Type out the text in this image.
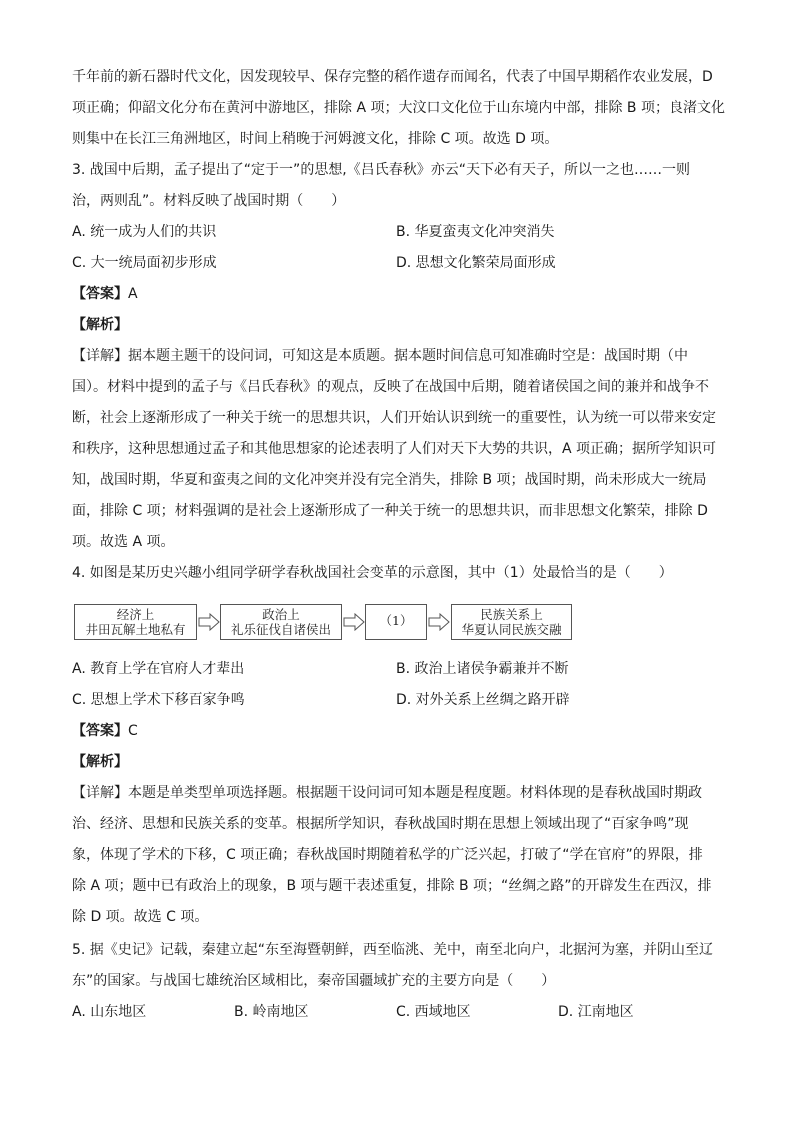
千年前的新石器时代文化，因发现较早、保存完整的稻作遗存而闻名，代表了中国早期稻作农业发展，D
项正确；仰韶文化分布在黄河中游地区，排除 A 项；大汶口文化位于山东境内中部，排除 B 项；良渚文化
则集中在长江三角洲地区，时间上稍晚于河姆渡文化，排除 C 项。故选 D 项。
3. 战国中后期，孟子提出了“定于一”的思想,《吕氏春秋》亦云“天下必有天子，所以一之也……一则
治，两则乱”。材料反映了战国时期（　　）
A. 统一成为人们的共识	B. 华夏蛮夷文化冲突消失
C. 大一统局面初步形成	D. 思想文化繁荣局面形成
【答案】A
【解析】
【详解】据本题主题干的设问词，可知这是本质题。据本题时间信息可知准确时空是：战国时期（中
国）。材料中提到的孟子与《吕氏春秋》的观点，反映了在战国中后期，随着诸侯国之间的兼并和战争不
断，社会上逐渐形成了一种关于统一的思想共识，人们开始认识到统一的重要性，认为统一可以带来安定
和秩序，这种思想通过孟子和其他思想家的论述表明了人们对天下大势的共识，A 项正确；据所学知识可
知，战国时期，华夏和蛮夷之间的文化冲突并没有完全消失，排除 B 项；战国时期，尚未形成大一统局
面，排除 C 项；材料强调的是社会上逐渐形成了一种关于统一的思想共识，而非思想文化繁荣，排除 D
项。故选 A 项。
4. 如图是某历史兴趣小组同学研学春秋战国社会变革的示意图，其中（1）处最恰当的是（　　）
经济上
井田瓦解土地私有
政治上
礼乐征伐自诸侯出
（1）	民族关系上
华夏认同民族交融
A. 教育上学在官府人才辈出	B. 政治上诸侯争霸兼并不断
C. 思想上学术下移百家争鸣	D. 对外关系上丝绸之路开辟
【答案】C
【解析】
【详解】本题是单类型单项选择题。根据题干设问词可知本题是程度题。材料体现的是春秋战国时期政
治、经济、思想和民族关系的变革。根据所学知识，春秋战国时期在思想上领域出现了“百家争鸣”现
象，体现了学术的下移，C 项正确；春秋战国时期随着私学的广泛兴起，打破了“学在官府”的界限，排
除 A 项；题中已有政治上的现象，B 项与题干表述重复，排除 B 项；“丝绸之路”的开辟发生在西汉，排
除 D 项。故选 C 项。
5. 据《史记》记载，秦建立起“东至海暨朝鲜，西至临洮、羌中，南至北向户，北据河为塞，并阴山至辽
东”的国家。与战国七雄统治区域相比，秦帝国疆域扩充的主要方向是（　　）
A. 山东地区	B. 岭南地区	C. 西域地区	D. 江南地区
